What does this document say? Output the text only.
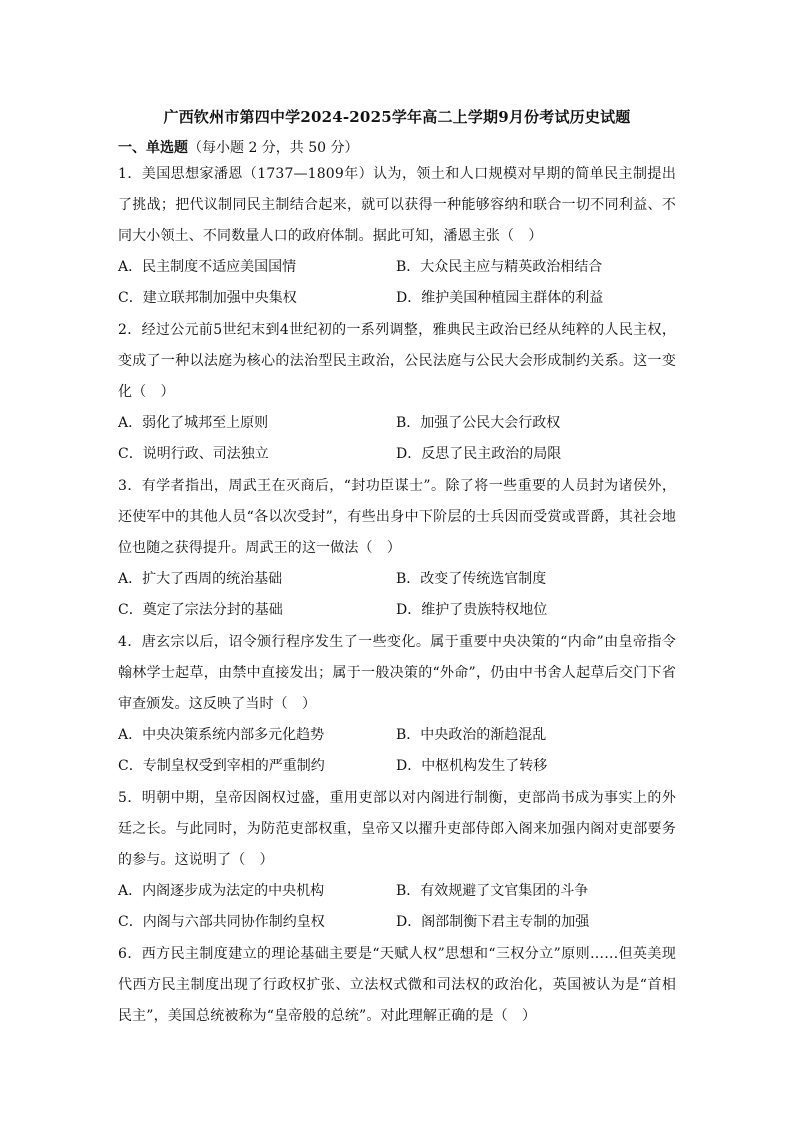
广西钦州市第四中学2024-2025学年高二上学期9月份考试历史试题
一、单选题（每小题 2 分，共 50 分）
1．美国思想家潘恩（1737—1809年）认为，领土和人口规模对早期的简单民主制提出了挑战；把代议制同民主制结合起来，就可以获得一种能够容纳和联合一切不同利益、不同大小领土、不同数量人口的政府体制。据此可知，潘恩主张（　）
A．民主制度不适应美国国情	B．大众民主应与精英政治相结合
C．建立联邦制加强中央集权	D．维护美国种植园主群体的利益
2．经过公元前5世纪末到4世纪初的一系列调整，雅典民主政治已经从纯粹的人民主权，变成了一种以法庭为核心的法治型民主政治，公民法庭与公民大会形成制约关系。这一变化（　）
A．弱化了城邦至上原则	B．加强了公民大会行政权
C．说明行政、司法独立	D．反思了民主政治的局限
3．有学者指出，周武王在灭商后，“封功臣谋士”。除了将一些重要的人员封为诸侯外，还使军中的其他人员“各以次受封”，有些出身中下阶层的士兵因而受赏或晋爵，其社会地位也随之获得提升。周武王的这一做法（　）
A．扩大了西周的统治基础	B．改变了传统选官制度
C．奠定了宗法分封的基础	D．维护了贵族特权地位
4．唐玄宗以后，诏令颁行程序发生了一些变化。属于重要中央决策的“内命”由皇帝指令翰林学士起草，由禁中直接发出；属于一般决策的“外命”，仍由中书舍人起草后交门下省审查颁发。这反映了当时（　）
A．中央决策系统内部多元化趋势	B．中央政治的渐趋混乱
C．专制皇权受到宰相的严重制约	D．中枢机构发生了转移
5．明朝中期，皇帝因阁权过盛，重用吏部以对内阁进行制衡，吏部尚书成为事实上的外廷之长。与此同时，为防范吏部权重，皇帝又以擢升吏部侍郎入阁来加强内阁对吏部要务的参与。这说明了（　）
A．内阁逐步成为法定的中央机构	B．有效规避了文官集团的斗争
C．内阁与六部共同协作制约皇权	D．阁部制衡下君主专制的加强
6．西方民主制度建立的理论基础主要是“天赋人权”思想和“三权分立”原则……但英美现代西方民主制度出现了行政权扩张、立法权式微和司法权的政治化，英国被认为是“首相民主”，美国总统被称为“皇帝般的总统”。对此理解正确的是（　）
